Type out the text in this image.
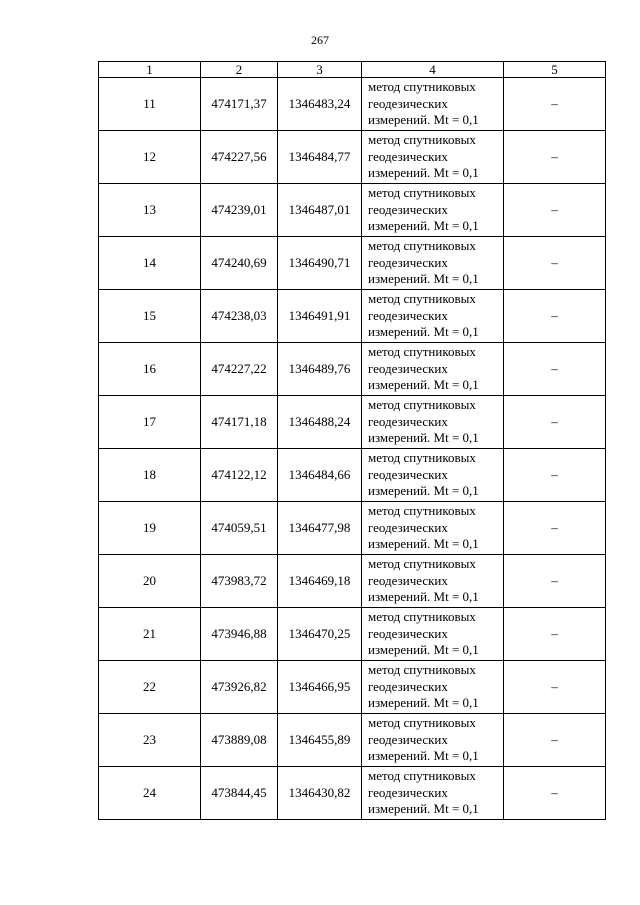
267
1	2	3	4	5
11	474171,37	1346483,24	метод спутниковых
геодезических
измерений. Mt = 0,1	–
12	474227,56	1346484,77	метод спутниковых
геодезических
измерений. Mt = 0,1	–
13	474239,01	1346487,01	метод спутниковых
геодезических
измерений. Mt = 0,1	–
14	474240,69	1346490,71	метод спутниковых
геодезических
измерений. Mt = 0,1	–
15	474238,03	1346491,91	метод спутниковых
геодезических
измерений. Mt = 0,1	–
16	474227,22	1346489,76	метод спутниковых
геодезических
измерений. Mt = 0,1	–
17	474171,18	1346488,24	метод спутниковых
геодезических
измерений. Mt = 0,1	–
18	474122,12	1346484,66	метод спутниковых
геодезических
измерений. Mt = 0,1	–
19	474059,51	1346477,98	метод спутниковых
геодезических
измерений. Mt = 0,1	–
20	473983,72	1346469,18	метод спутниковых
геодезических
измерений. Mt = 0,1	–
21	473946,88	1346470,25	метод спутниковых
геодезических
измерений. Mt = 0,1	–
22	473926,82	1346466,95	метод спутниковых
геодезических
измерений. Mt = 0,1	–
23	473889,08	1346455,89	метод спутниковых
геодезических
измерений. Mt = 0,1	–
24	473844,45	1346430,82	метод спутниковых
геодезических
измерений. Mt = 0,1	–
